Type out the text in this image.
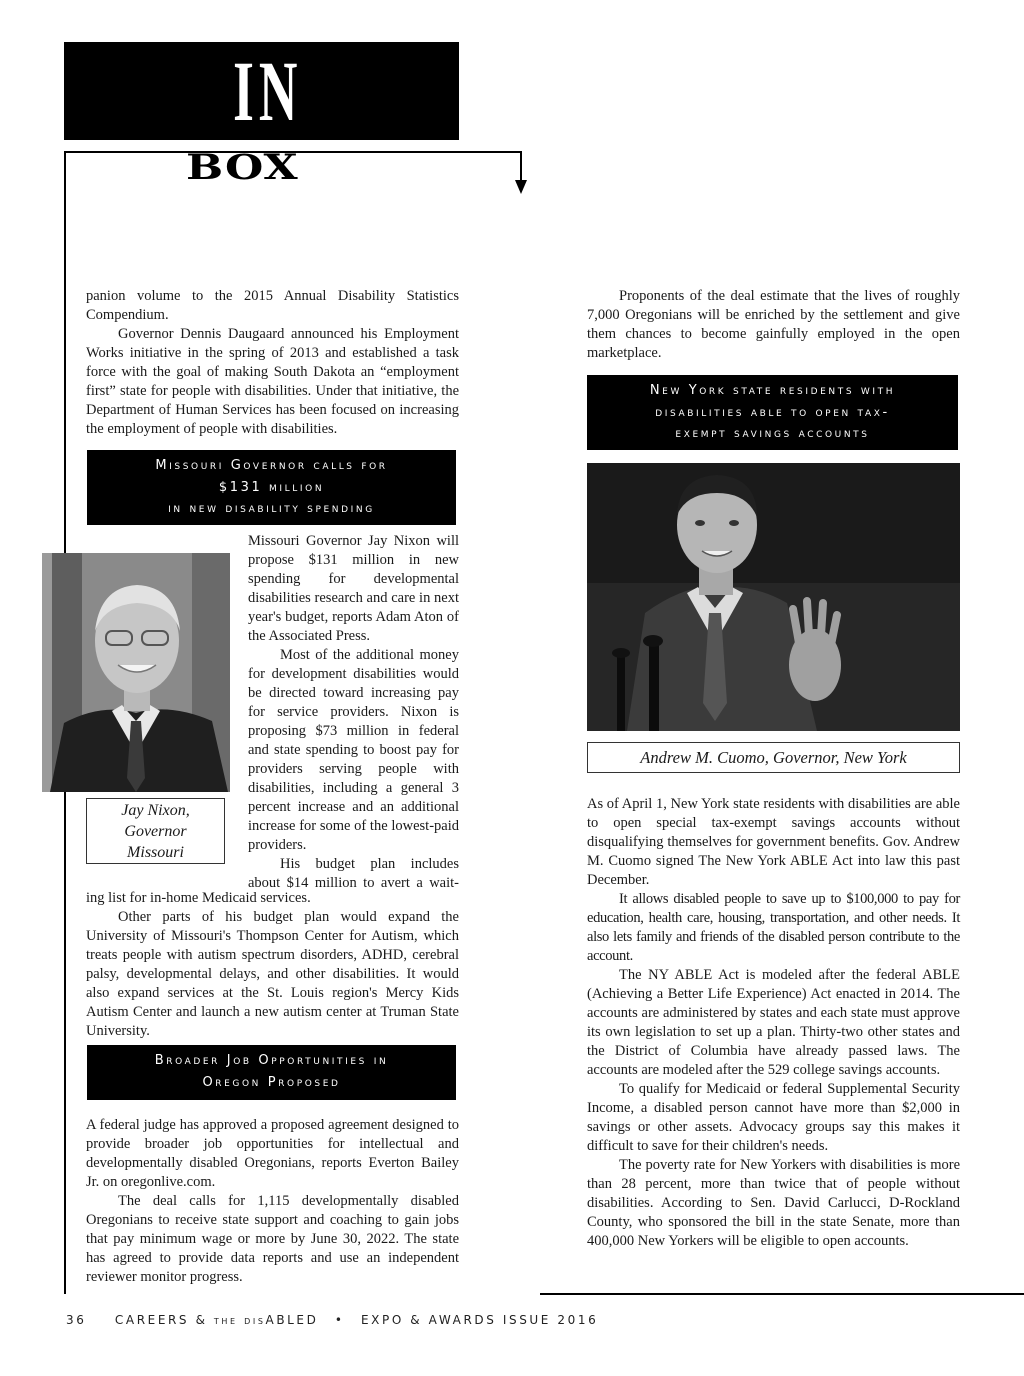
IN
BOX

panion volume to the 2015 Annual Disability Statistics Compendium.

Governor Dennis Daugaard announced his Employment Works initiative in the spring of 2013 and established a task force with the goal of making South Dakota an “employment first” state for people with disabilities. Under that initiative, the Department of Human Services has been focused on increasing the employment of people with disabilities.

Missouri Governor calls for
$131 million
in new disability spending

Missouri Governor Jay Nixon will propose $131 million in new spending for developmental disabilities research and care in next year's budget, reports Adam Aton of the Associated Press.

Most of the additional money for development disabilities would be directed toward increasing pay for service providers. Nixon is proposing $73 million in federal and state spending to boost pay for providers serving people with disabilities, including a general 3 percent increase and an additional increase for some of the lowest-paid providers.

His budget plan includes about $14 million to avert a wait-

Jay Nixon,
Governor
Missouri

ing list for in-home Medicaid services.

Other parts of his budget plan would expand the University of Missouri's Thompson Center for Autism, which treats people with autism spectrum disorders, ADHD, cerebral palsy, developmental delays, and other disabilities. It would also expand services at the St. Louis region's Mercy Kids Autism Center and launch a new autism center at Truman State University.

Broader Job Opportunities in
Oregon Proposed

A federal judge has approved a proposed agreement designed to provide broader job opportunities for intellectual and developmentally disabled Oregonians, reports Everton Bailey Jr. on oregonlive.com.

The deal calls for 1,115 developmentally disabled Oregonians to receive state support and coaching to gain jobs that pay minimum wage or more by June 30, 2022. The state has agreed to provide data reports and use an independent reviewer monitor progress.

Proponents of the deal estimate that the lives of roughly 7,000 Oregonians will be enriched by the settlement and give them chances to become gainfully employed in the open marketplace.

New York state residents with
disabilities able to open tax-
exempt savings accounts
Andrew M. Cuomo, Governor, New York

As of April 1, New York state residents with disabilities are able to open special tax-exempt savings accounts without disqualifying themselves for government benefits. Gov. Andrew M. Cuomo signed The New York ABLE Act into law this past December.

It allows disabled people to save up to $100,000 to pay for education, health care, housing, transportation, and other needs. It also lets family and friends of the disabled person contribute to the account.

The NY ABLE Act is modeled after the federal ABLE (Achieving a Better Life Experience) Act enacted in 2014. The accounts are administered by states and each state must approve its own legislation to set up a plan. Thirty-two other states and the District of Columbia have already passed laws. The accounts are modeled after the 529 college savings accounts.

To qualify for Medicaid or federal Supplemental Security Income, a disabled person cannot have more than $2,000 in savings or other assets. Advocacy groups say this makes it difficult to save for their children's needs.

The poverty rate for New Yorkers with disabilities is more than 28 percent, more than twice that of people without disabilities. According to Sen. David Carlucci, D-Rockland County, who sponsored the bill in the state Senate, more than 400,000 New Yorkers will be eligible to open accounts.

36 CAREERS & the disABLED • EXPO & AWARDS ISSUE 2016
